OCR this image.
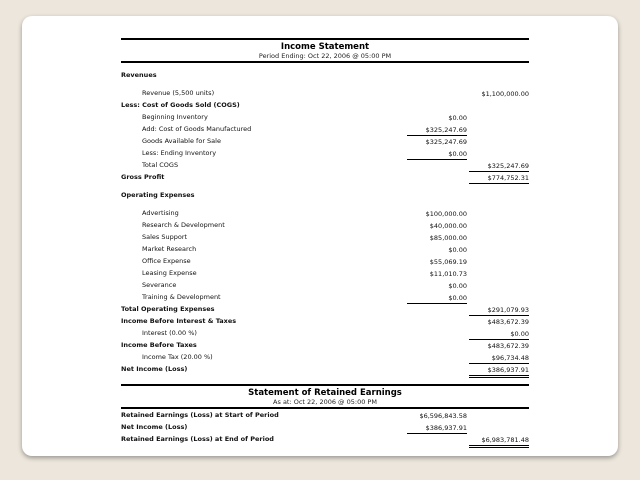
Income Statement
Period Ending: Oct 22, 2006 @ 05:00 PM
Revenues
Revenue (5,500 units)	$1,100,000.00
Less: Cost of Goods Sold (COGS)
Beginning Inventory	$0.00
Add: Cost of Goods Manufactured	$325,247.69
Goods Available for Sale	$325,247.69
Less: Ending Inventory	$0.00
Total COGS	$325,247.69
Gross Profit	$774,752.31
Operating Expenses
Advertising	$100,000.00
Research & Development	$40,000.00
Sales Support	$85,000.00
Market Research	$0.00
Office Expense	$55,069.19
Leasing Expense	$11,010.73
Severance	$0.00
Training & Development	$0.00
Total Operating Expenses	$291,079.93
Income Before Interest & Taxes	$483,672.39
Interest (0.00 %)	$0.00
Income Before Taxes	$483,672.39
Income Tax (20.00 %)	$96,734.48
Net Income (Loss)	$386,937.91
Statement of Retained Earnings
As at: Oct 22, 2006 @ 05:00 PM
Retained Earnings (Loss) at Start of Period	$6,596,843.58
Net Income (Loss)	$386,937.91
Retained Earnings (Loss) at End of Period	$6,983,781.48
